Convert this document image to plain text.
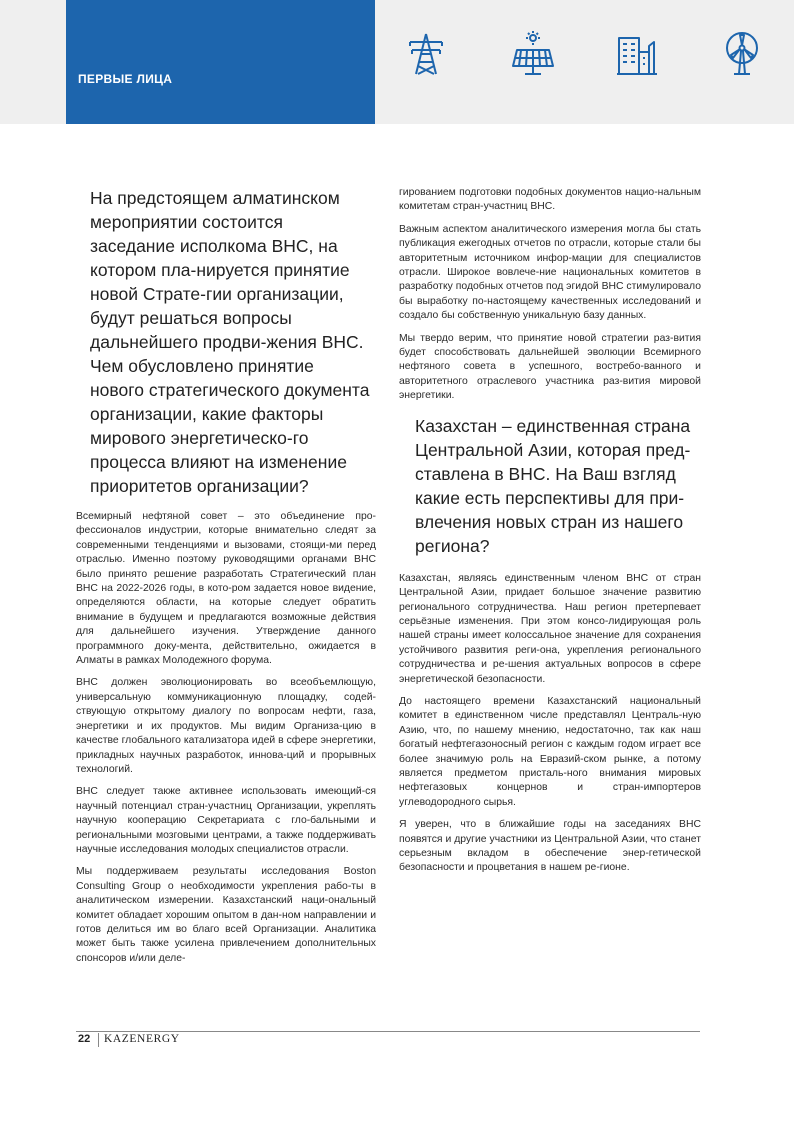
ПЕРВЫЕ ЛИЦА
На предстоящем алматинском мероприятии состоится заседание исполкома ВНС, на котором пла-нируется принятие новой Страте-гии организации, будут решаться вопросы дальнейшего продви-жения ВНС. Чем обусловлено принятие нового стратегического документа организации, какие факторы мирового энергетическо-го процесса влияют на изменение приоритетов организации?

Всемирный нефтяной совет – это объединение про-фессионалов индустрии, которые внимательно следят за современными тенденциями и вызовами, стоящи-ми перед отраслью. Именно поэтому руководящими органами ВНС было принято решение разработать Стратегический план ВНС на 2022-2026 годы, в кото-ром задается новое видение, определяются области, на которые следует обратить внимание в будущем и предлагаются возможные действия для дальнейшего изучения. Утверждение данного программного доку-мента, действительно, ожидается в Алматы в рамках Молодежного форума.

ВНС должен эволюционировать во всеобъемлющую, универсальную коммуникационную площадку, содей-ствующую открытому диалогу по вопросам нефти, газа, энергетики и их продуктов. Мы видим Организа-цию в качестве глобального катализатора идей в сфере энергетики, прикладных научных разработок, иннова-ций и прорывных технологий.

ВНС следует также активнее использовать имеющий-ся научный потенциал стран-участниц Организации, укреплять научную кооперацию Секретариата с гло-бальными и региональными мозговыми центрами, а также поддерживать научные исследования молодых специалистов отрасли.

Мы поддерживаем результаты исследования Boston Consulting Group о необходимости укрепления рабо-ты в аналитическом измерении. Казахстанский наци-ональный комитет обладает хорошим опытом в дан-ном направлении и готов делиться им во благо всей Организации. Аналитика может быть также усилена привлечением дополнительных спонсоров и/или деле-

гированием подготовки подобных документов нацио-нальным комитетам стран-участниц ВНС.

Важным аспектом аналитического измерения могла бы стать публикация ежегодных отчетов по отрасли, которые стали бы авторитетным источником инфор-мации для специалистов отрасли. Широкое вовлече-ние национальных комитетов в разработку подобных отчетов под эгидой ВНС стимулировало бы выработку по-настоящему качественных исследований и создало бы собственную уникальную базу данных.

Мы твердо верим, что принятие новой стратегии раз-вития будет способствовать дальнейшей эволюции Всемирного нефтяного совета в успешного, востребо-ванного и авторитетного отраслевого участника раз-вития мировой энергетики.

Казахстан – единственная страна Центральной Азии, которая пред-ставлена в ВНС. На Ваш взгляд какие есть перспективы для при-влечения новых стран из нашего региона?

Казахстан, являясь единственным членом ВНС от стран Центральной Азии, придает большое значение развитию регионального сотрудничества. Наш регион претерпевает серьёзные изменения. При этом консо-лидирующая роль нашей страны имеет колоссальное значение для сохранения устойчивого развития реги-она, укрепления регионального сотрудничества и ре-шения актуальных вопросов в сфере энергетической безопасности.

До настоящего времени Казахстанский национальный комитет в единственном числе представлял Централь-ную Азию, что, по нашему мнению, недостаточно, так как наш богатый нефтегазоносный регион с каждым годом играет все более значимую роль на Евразий-ском рынке, а потому является предметом присталь-ного внимания мировых нефтегазовых концернов и стран-импортеров углеводородного сырья.

Я уверен, что в ближайшие годы на заседаниях ВНС появятся и другие участники из Центральной Азии, что станет серьезным вкладом в обеспечение энер-гетической безопасности и процветания в нашем ре-гионе.

22 KAZENERGY
